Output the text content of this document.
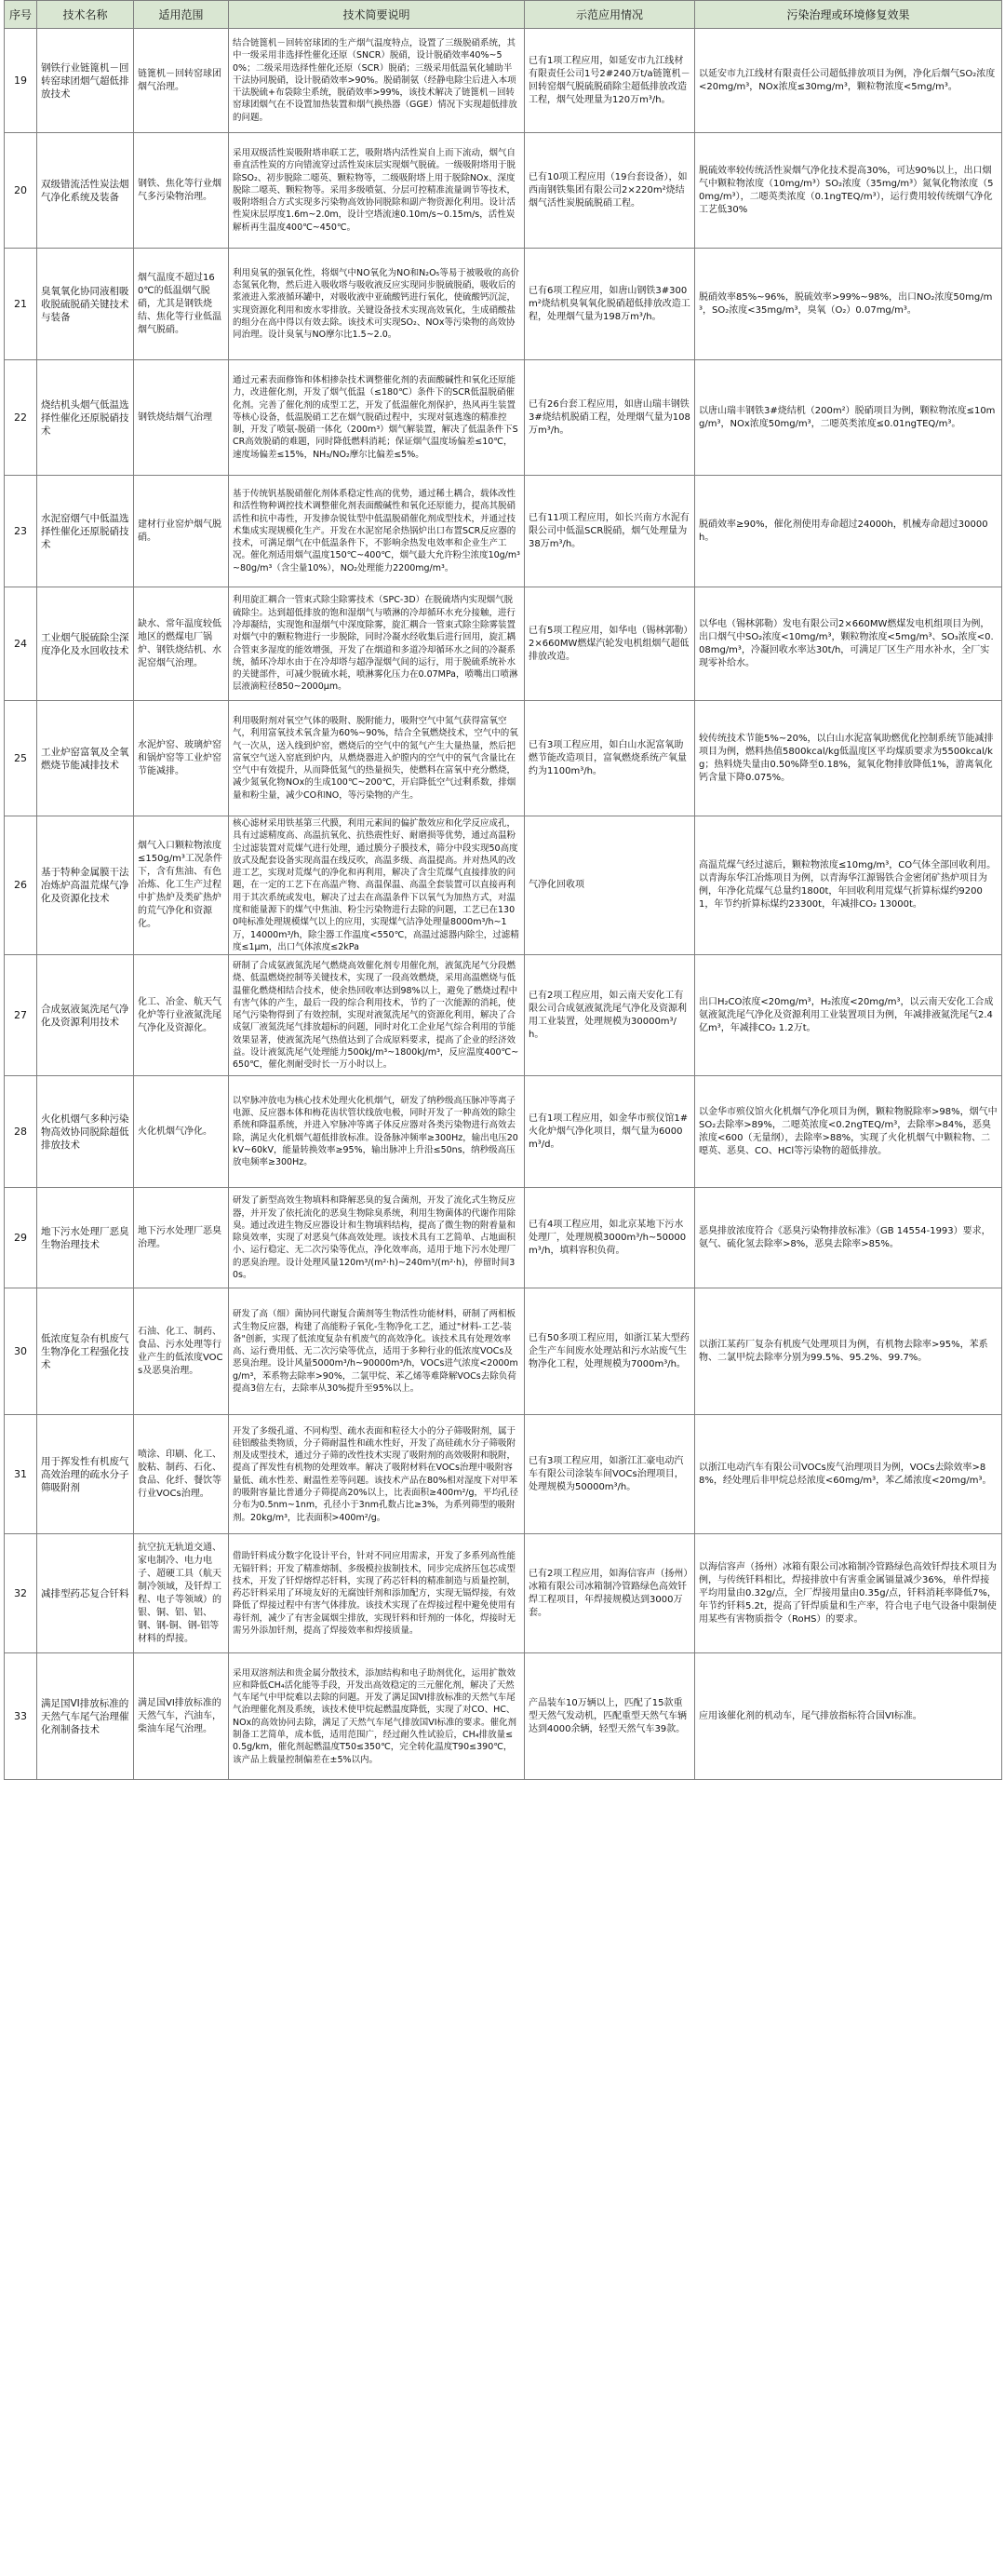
序号	技术名称	适用范围	技术简要说明	示范应用情况	污染治理或环境修复效果
19	钢铁行业链篦机－回转窑球团烟气超低排放技术	链篦机－回转窑球团烟气治理。	结合链篦机－回转窑球团的生产烟气温度特点，设置了三级脱硝系统，其中一级采用非选择性催化还原（SNCR）脱硝，设计脱硝效率40%~50%；二级采用选择性催化还原（SCR）脱硝；三级采用低温氧化辅助半干法协同脱硝，设计脱硝效率>90%。脱硝制氨（经静电除尘后进入本项干法脱硫+布袋除尘系统，脱硝效率>99%，该技术解决了链篦机－回转窑球团烟气在不设置加热装置和烟气换热器（GGE）情况下实现超低排放的问题。	已有1项工程应用，如延安市九江线材有限责任公司1号2#240万t/a链篦机－回转窑烟气脱硫脱硝除尘超低排放改造工程，烟气处理量为120万m³/h。	以延安市九江线材有限责任公司超低排放项目为例，净化后烟气SO₂浓度<20mg/m³，NOx浓度≤30mg/m³，颗粒物浓度<5mg/m³。
20	双级错流活性炭法烟气净化系统及装备	钢铁、焦化等行业烟气多污染物治理。	采用双级活性炭吸附塔串联工艺，吸附塔内活性炭自上而下流动，烟气自垂直活性炭的方向错流穿过活性炭床层实现烟气脱硫。一级吸附塔用于脱除SO₂、初步脱除二噁英、颗粒物等，二级吸附塔上用于脱除NOx、深度脱除二噁英、颗粒物等。采用多级喷氨、分层可控精准流量调节等技术，吸附塔组合方式实现多污染物高效协同脱除和副产物资源化利用。设计活性炭床层厚度1.6m~2.0m，设计空塔流速0.10m/s~0.15m/s，活性炭解析再生温度400℃~450℃。	已有10项工程应用（19台套设备），如西南钢铁集团有限公司2×220m²烧结烟气活性炭脱硫脱硝工程。	脱硫效率较传统活性炭烟气净化技术提高30%，可达90%以上，出口烟气中颗粒物浓度（10mg/m³）SO₂浓度（35mg/m³）氮氧化物浓度（50mg/m³），二噁英类浓度（0.1ngTEQ/m³），运行费用较传统烟气净化工艺低30%
21	臭氧氧化协同液相吸收脱硫脱硝关键技术与装备	烟气温度不超过160℃的低温烟气脱硝，尤其是钢铁烧结、焦化等行业低温烟气脱硝。	利用臭氧的强氧化性，将烟气中NO氧化为NO和N₂O₅等易于被吸收的高价态氮氧化物，然后进入吸收塔与吸收液反应实现同步脱硫脱硝，吸收后的浆液进入浆液循环罐中，对吸收液中亚硫酸钙进行氧化，使硫酸钙沉淀，实现资源化利用和废水零排放。关键设备技术实现高效氧化，生成硝酸盐的组分在高中得以有效去除。该技术可实现SO₂、NOx等污染物的高效协同治理。设计臭氧与NO摩尔比1.5~2.0。	已有6项工程应用，如唐山钢铁3#300m²烧结机臭氧氧化脱硝超低排放改造工程，处理烟气量为198万m³/h。	脱硝效率85%~96%，脱硫效率>99%~98%，出口NO₂浓度50mg/m³，SO₂浓度<35mg/m³，臭氧（O₂）0.07mg/m³。
22	烧结机头烟气低温选择性催化还原脱硝技术	钢铁烧结烟气治理	通过元素表面修饰和体相掺杂技术调整催化剂的表面酸碱性和氧化还原能力，改进催化剂，开发了烟气低温（≤180℃）条件下的SCR低温脱硝催化剂。完善了催化剂的成型工艺，开发了低温催化剂保护，热风再生装置等核心设备，低温脱硝工艺在烟气脱硝过程中，实现对氨逃逸的精准控制，开发了喷氨-脱硝一体化（200m³）烟气解装置，解决了低温条件下SCR高效脱硝的难题，同时降低燃料消耗；保证烟气温度场偏差≤10℃，速度场偏差≤15%，NH₃/NO₂摩尔比偏差≤5%。	已有26台套工程应用，如唐山瑞丰钢铁3#烧结机脱硝工程，处理烟气量为108万m³/h。	以唐山瑞丰钢铁3#烧结机（200m²）脱硝项目为例，颗粒物浓度≤10mg/m³，NOx浓度50mg/m³，二噁英类浓度≤0.01ngTEQ/m³。
23	水泥窑烟气中低温选择性催化还原脱硝技术	建材行业窑炉烟气脱硝。	基于传统钒基脱硝催化剂体系稳定性高的优势，通过稀土耦合，载体改性和活性物种调控技术调整催化剂表面酸碱性和氧化还原能力，提高其脱硝活性和抗中毒性，开发掺杂锐钛型中低温脱硝催化剂成型技术，并通过技术集成实现规模化生产。开发在水泥窑尾余热锅炉出口布置SCR反应器的技术，可满足烟气在中低温条件下，不影响余热发电效率和企业生产工况。催化剂适用烟气温度150℃~400℃，烟气最大允许粉尘浓度10g/m³~80g/m³（含尘量10%），NO₂处理能力2200mg/m³。	已有11项工程应用，如长兴南方水泥有限公司中低温SCR脱硝，烟气处理量为38万m³/h。	脱硝效率≥90%，催化剂使用寿命超过24000h，机械寿命超过30000h。
24	工业烟气脱硫除尘深度净化及水回收技术	缺水、常年温度较低地区的燃煤电厂锅炉、钢铁烧结机、水泥窑烟气治理。	利用旋汇耦合一管束式除尘除雾技术（SPC-3D）在脱硫塔内实现烟气脱硫除尘。达到超低排放的饱和湿烟气与喷淋的冷却循环水充分接触，进行冷却凝结，实现饱和湿烟气中深度除雾，旋汇耦合一管束式除尘除雾装置对烟气中的颗粒物进行一步脱除，同时冷凝水经收集后进行回用，旋汇耦合管束多湿度的能效增强，开发了在烟道和多道冷却循环水之间的冷凝系统，循环冷却水由于在冷却塔与超净湿烟气间的运行，用于脱硫系统补水的关键部件，可减少脱硫水耗，喷淋雾化压力在0.07MPa，喷嘴出口喷淋层液滴粒径850~2000μm。	已有5项工程应用，如华电（锡林郭勒）2×660MW燃煤汽轮发电机组烟气超低排放改造。	以华电（锡林郭勒）发电有限公司2×660MW燃煤发电机组项目为例，出口烟气中SO₂浓度<10mg/m³，颗粒物浓度<5mg/m³、SO₃浓度<0.08mg/m³，冷凝回收水率达30t/h，可满足厂区生产用水补水，全厂实现零补给水。
25	工业炉窑富氧及全氧燃烧节能减排技术	水泥炉窑、玻璃炉窑和锅炉窑等工业炉窑节能减排。	利用吸附剂对氧空气体的吸附、脱附能力，吸附空气中氮气获得富氧空气，利用富氧技术氧含量为60%~90%，结合全氧燃烧技术，空气中的氧气一次从，送入线到炉窑，燃烧后的空气中的氮气产生大量热量，然后把富氧空气送入窑底到炉内，从燃烧器进入炉膛内的空气中的氧气含量比在空气中有效提升，从而降低氮气的热量损失，使燃料在富氧中充分燃烧，减少氮氧化物NOx的生成100℃~200℃，开启降低空气过剩系数，排烟量和粉尘量，减少CO和NO，等污染物的产生。	已有3项工程应用，如白山水泥富氧助燃节能改造项目，富氧燃烧系统产氧量约为1100m³/h。	较传统技术节能5%~20%，以白山水泥富氧助燃优化控制系统节能减排项目为例，燃料热值5800kcal/kg低温度区平均煤质要求为5500kcal/kg；热料烧失量由0.50%降至0.18%，氮氧化物排放降低1%，游离氧化钙含量下降0.075%。
26	基于特种金属膜干法冶炼炉高温荒煤气净化及资源化技术	烟气入口颗粒物浓度≤150g/m³工况条件下，含有焦油、有色冶炼、化工生产过程中扩热炉及类矿热炉的荒气净化和资源化。	核心滤材采用铁基第三代膜，利用元素间的偏扩散效应和化学反应成孔，具有过滤精度高、高温抗氧化、抗热震性好、耐磨损等优势，通过高温粉尘过滤装置对荒煤气进行处理，通过膜分子膜技术，筛分中段实现50高度放式及配套设备实现高温在线反吹，高温多级、高温提高。并对热风的改进工艺，实现对荒煤气的净化和再利用，解决了含尘荒煤气直接排放的问题，在一定的工艺下在高温产物、高温保温、高温全套装置可以直接再利用于其次系统或发电，解决了过去在高温条件下以氧气为加热方式，对温度和能量源下的煤气中焦油、粉尘污染物进行去除的问题，工艺已在1300吨标准处理规模煤气以上的应用，实现煤气洁净处理量8000m³/h~1万，14000m³/h，除尘器工作温度<550℃，高温过滤器内除尘，过滤精度≤1μm，出口气体浓度≤2kPa	气净化回收项	高温荒煤气经过滤后，颗粒物浓度≤10mg/m³，CO气体全部回收利用。以青海东华江冶炼项目为例，以青海华江源锡铁合金密闭矿热炉项目为例，年净化荒煤气总量约1800t，年回收利用荒煤气折算标煤约92001，年节约折算标煤约23300t，年减排CO₂ 13000t。
27	合成氨液氮洗尾气净化及资源利用技术	化工、冶金、航天气化炉等行业液氮洗尾气净化及资源化。	研制了合成氨液氮洗尾气燃烧高效催化剂专用催化剂，液氮洗尾气分段燃烧、低温燃烧控制等关键技术，实现了一段高效燃烧，采用高温燃烧与低温催化燃烧相结合技术，使余热回收率达到98%以上，避免了燃烧过程中有害气体的产生，最后一段的综合利用技术，节约了一次能源的消耗，使尾气污染物得到了有效控制，实现对液氮洗尾气的资源化利用，解决了合成氨厂液氮洗尾气排放超标的问题，同时对化工企业尾气综合利用的节能效果显著，使液氮洗尾气热值达到了合成原料要求，提高了企业的经济效益。设计液氮洗尾气处理能力500kJ/m³~1800kJ/m³，反应温度400℃~650℃，催化剂耐受时长一万小时以上。	已有2项工程应用，如云南天安化工有限公司合成氨液氮洗尾气净化及资源利用工业装置，处理规模为30000m³/h。	出口H₂CO浓度<20mg/m³，H₂浓度<20mg/m³，以云南天安化工合成氨液氮洗尾气净化及资源利用工业装置项目为例，年减排液氮洗尾气2.4亿m³，年减排CO₂ 1.2万t。
28	火化机烟气多种污染物高效协同脱除超低排放技术	火化机烟气净化。	以窄脉冲放电为核心技术处理火化机烟气，研发了纳秒级高压脉冲等离子电源、反应器本体和梅花齿状管状线放电极，同时开发了一种高效的除尘系统和降温系统，并进入窄脉冲等离子体反应器对各类污染物进行高效去除，满足火化机烟气超低排放标准。设备脉冲频率≥300Hz，输出电压20kV~60kV，能量转换效率≥95%，输出脉冲上升沿≤50ns，纳秒级高压放电频率≥300Hz。	已有1项工程应用，如金华市殡仪馆1#火化炉烟气净化项目，烟气量为6000m³/d。	以金华市殡仪馆火化机烟气净化项目为例，颗粒物脱除率>98%，烟气中SO₂去除率>89%，二噁英浓度<0.2ngTEQ/m³，去除率>84%，恶臭浓度<600（无量纲），去除率>88%，实现了火化机烟气中颗粒物、二噁英、恶臭、CO、HCl等污染物的超低排放。
29	地下污水处理厂恶臭生物治理技术	地下污水处理厂恶臭治理。	研发了新型高效生物填料和降解恶臭的复合菌剂，开发了流化式生物反应器，并开发了依托流化的恶臭生物除臭系统，利用生物菌体的代谢作用除臭。通过改进生物反应器设计和生物填料结构，提高了微生物的附着量和除臭效率，实现了对恶臭气体高效处理。该技术具有工艺简单、占地面积小、运行稳定、无二次污染等优点，净化效率高，适用于地下污水处理厂的恶臭治理。设计处理风量120m³/(m²·h)~240m³/(m²·h)，停留时间30s。	已有4项工程应用，如北京某地下污水处理厂，处理规模3000m³/h~50000m³/h，填料容积负荷。	恶臭排放浓度符合《恶臭污染物排放标准》（GB 14554-1993）要求，氨气、硫化氢去除率>8%，恶臭去除率>85%。
30	低浓度复杂有机废气生物净化工程强化技术	石油、化工、制药、食品、污水处理等行业产生的低浓度VOCs及恶臭治理。	研发了高（细）菌协同代谢复合菌剂等生物活性功能材料，研制了两相板式生物反应器，构建了高能粉子氧化-生物净化工艺，通过"材料-工艺-装备"创新，实现了低浓度复杂有机废气的高效净化。该技术具有处理效率高、运行费用低、无二次污染等优点，适用于多种行业的低浓度VOCs及恶臭治理。设计风量5000m³/h~90000m³/h，VOCs进气浓度<2000mg/m³，苯系物去除率>90%，二氯甲烷、苯乙烯等难降解VOCs去除负荷提高3倍左右，去除率从30%提升至95%以上。	已有50多项工程应用，如浙江某大型药企生产车间废水处理站和污水站废气生物净化工程，处理规模为7000m³/h。	以浙江某药厂复杂有机废气处理项目为例，有机物去除率>95%，苯系物、二氯甲烷去除率分别为99.5%、95.2%、99.7%。
31	用于挥发性有机废气高效治理的疏水分子筛吸附剂	喷涂、印刷、化工、胶粘、制药、石化、食品、化纤、餐饮等行业VOCs治理。	开发了多级孔道、不同构型、疏水表面和粒径大小的分子筛吸附剂，属于硅铝酸盐类物质，分子筛耐温性和疏水性好，开发了高硅疏水分子筛吸附剂及成型技术，通过分子筛的改性技术实现了吸附剂的高效吸附和脱附，提高了挥发性有机物的处理效率。解决了吸附材料在VOCs治理中吸附容量低、疏水性差、耐温性差等问题。该技术产品在80%相对湿度下对甲苯的吸附容量比普通分子筛提高20%以上，比表面积≥400m²/g，平均孔径分布为0.5nm~1nm，孔径小于3nm孔数占比≥3%，为系列筛型的吸附剂。20kg/m³，比表面积>400m²/g。	已有3项工程应用，如浙江汇豪电动汽车有限公司涂装车间VOCs治理项目，处理规模为50000m³/h。	以浙江电动汽车有限公司VOCs废气治理项目为例，VOCs去除效率>88%，经处理后非甲烷总烃浓度<60mg/m³，苯乙烯浓度<20mg/m³。
32	减排型药芯复合钎料	抗空抗无轨道交通、家电制冷、电力电子、超硬工具（航天制冷领域，及钎焊工程、电子等领域）的银、铜、铝、铝、钢、钢-铜、钢-铝等材料的焊接。	借助钎料成分数字化设计平台，针对不同应用需求，开发了多系列高性能无镉钎料；开发了精准熔制、多级模拉拔制技术，同步完成挤压包芯成型技术，开发了钎焊熔焊芯钎料，实现了药芯钎料的精准制造与质量控制，药芯钎料采用了环境友好的无腐蚀钎剂和添加配方，实现无镉焊接，有效降低了焊接过程中有害气体排放。该技术实现了在焊接过程中避免使用有毒钎剂，减少了有害金属烟尘排放，实现钎料和钎剂的一体化，焊接时无需另外添加钎剂，提高了焊接效率和焊接质量。	已有2项工程应用，如海信容声（扬州）冰箱有限公司冰箱制冷管路绿色高效钎焊工程项目，年焊接规模达到3000万套。	以海信容声（扬州）冰箱有限公司冰箱制冷管路绿色高效钎焊技术项目为例，与传统钎料相比，焊接排放中有害重金属镉量减少36%，单件焊接平均用量由0.32g/点，全厂焊接用量由0.35g/点，钎料消耗率降低7%，年节约钎料5.2t，提高了钎焊质量和生产率，符合电子电气设备中限制使用某些有害物质指令（RoHS）的要求。
33	满足国VI排放标准的天然气车尾气治理催化剂制备技术	满足国VI排放标准的天然气车，汽油车，柴油车尾气治理。	采用双溶剂法和贵金属分散技术，添加结构和电子助剂优化，运用扩散效应和降低CH₄活化能等手段，开发出高效稳定的三元催化剂，解决了天然气车尾气中甲烷难以去除的问题。开发了满足国VI排放标准的天然气车尾气治理催化剂及系统，该技术使甲烷起燃温度降低，实现了对CO、HC、NOx的高效协同去除，满足了天然气车尾气排放国VI标准的要求。催化剂制备工艺简单，成本低，适用范围广，经过耐久性试验后，CH₄排放量≤0.5g/km，催化剂起燃温度T50≤350℃，完全转化温度T90≤390℃，该产品上载量控制偏差在±5%以内。	产品装车10万辆以上，匹配了15款重型天然气发动机，匹配重型天然气车辆达到4000余辆，轻型天然气车39款。	应用该催化剂的机动车，尾气排放指标符合国VI标准。
